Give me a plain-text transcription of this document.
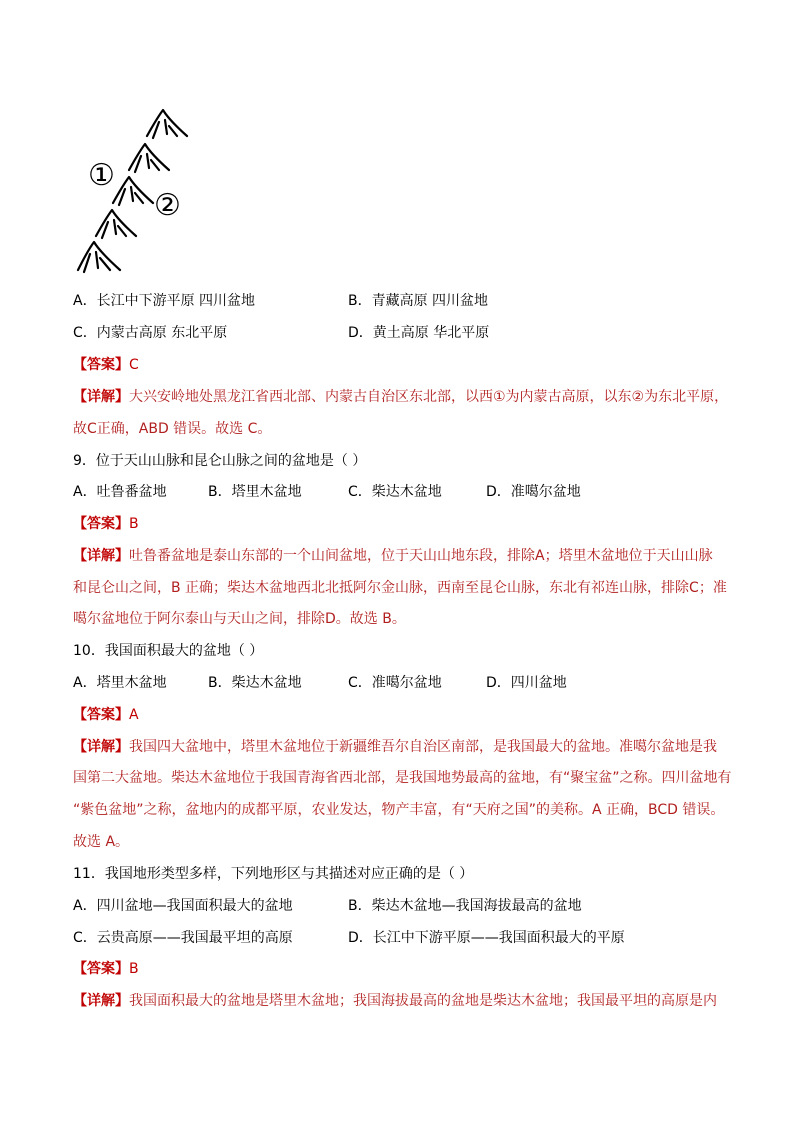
①
②
A．长江中下游平原 四川盆地	B．青藏高原 四川盆地
C．内蒙古高原 东北平原	D．黄土高原 华北平原
【答案】C
【详解】大兴安岭地处黑龙江省西北部、内蒙古自治区东北部，以西①为内蒙古高原，以东②为东北平原，
故C正确，ABD 错误。故选 C。
9．位于天山山脉和昆仑山脉之间的盆地是（ ）
A．吐鲁番盆地	B．塔里木盆地	C．柴达木盆地	D．准噶尔盆地
【答案】B
【详解】吐鲁番盆地是泰山东部的一个山间盆地，位于天山山地东段，排除A；塔里木盆地位于天山山脉
和昆仑山之间，B 正确；柴达木盆地西北北抵阿尔金山脉，西南至昆仑山脉，东北有祁连山脉，排除C；准
噶尔盆地位于阿尔泰山与天山之间，排除D。故选 B。
10．我国面积最大的盆地（ ）
A．塔里木盆地	B．柴达木盆地	C．准噶尔盆地	D．四川盆地
【答案】A
【详解】我国四大盆地中，塔里木盆地位于新疆维吾尔自治区南部，是我国最大的盆地。准噶尔盆地是我
国第二大盆地。柴达木盆地位于我国青海省西北部，是我国地势最高的盆地，有“聚宝盆”之称。四川盆地有
“紫色盆地”之称，盆地内的成都平原，农业发达，物产丰富，有“天府之国”的美称。A 正确，BCD 错误。
故选 A。
11．我国地形类型多样，下列地形区与其描述对应正确的是（ ）
A．四川盆地—我国面积最大的盆地	B．柴达木盆地—我国海拔最高的盆地
C．云贵高原——我国最平坦的高原	D．长江中下游平原——我国面积最大的平原
【答案】B
【详解】我国面积最大的盆地是塔里木盆地；我国海拔最高的盆地是柴达木盆地；我国最平坦的高原是内
